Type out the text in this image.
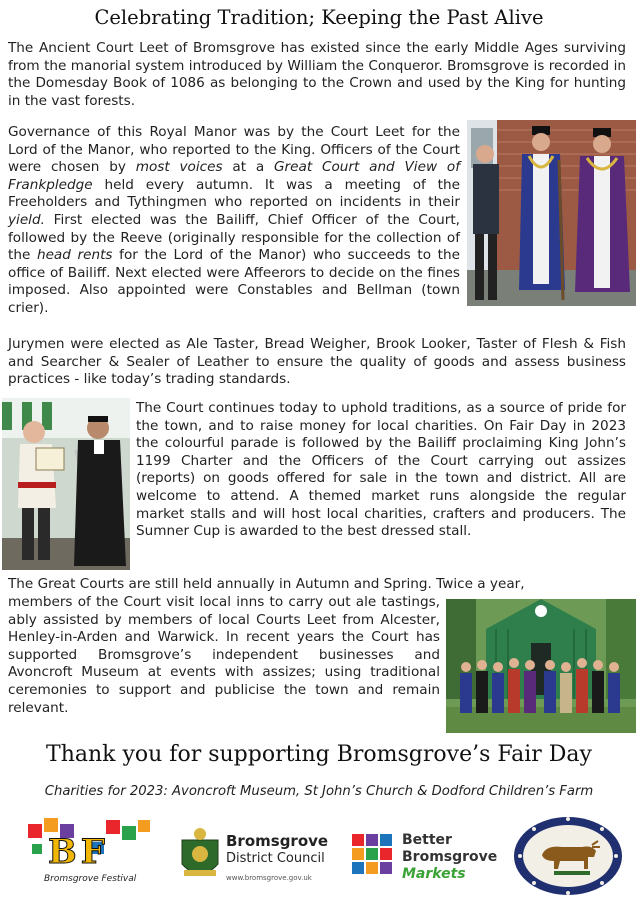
Celebrating Tradition; Keeping the Past Alive

The Ancient Court Leet of Bromsgrove has existed since the early Middle Ages surviving from the manorial system introduced by William the Conqueror. Bromsgrove is recorded in the Domesday Book of 1086 as belonging to the Crown and used by the King for hunting in the vast forests.

Governance of this Royal Manor was by the Court Leet for the Lord of the Manor, who reported to the King. Officers of the Court were chosen by most voices at a Great Court and View of Frankpledge held every autumn. It was a meeting of the Freeholders and Tythingmen who reported on incidents in their yield. First elected was the Bailiff, Chief Officer of the Court, followed by the Reeve (originally responsible for the collection of the head rents for the Lord of the Manor) who succeeds to the office of Bailiff. Next elected were Affeerors to decide on the fines imposed. Also appointed were Constables and Bellman (town crier).

Jurymen were elected as Ale Taster, Bread Weigher, Brook Looker, Taster of Flesh & Fish and Searcher & Sealer of Leather to ensure the quality of goods and assess business practices - like today’s trading standards.

The Court continues today to uphold traditions, as a source of pride for the town, and to raise money for local charities. On Fair Day in 2023 the colourful parade is followed by the Bailiff proclaiming King John’s 1199 Charter and the Officers of the Court carrying out assizes (reports) on goods offered for sale in the town and district. All are welcome to attend. A themed market runs alongside the regular market stalls and will host local charities, crafters and producers. The Sumner Cup is awarded to the best dressed stall.

The Great Courts are still held annually in Autumn and Spring. Twice a year,

members of the Court visit local inns to carry out ale tastings, ably assisted by members of local Courts Leet from Alcester, Henley-in-Arden and Warwick. In recent years the Court has supported Bromsgrove’s independent businesses and Avoncroft Museum at events with assizes; using traditional ceremonies to support and publicise the town and remain relevant.

Thank you for supporting Bromsgrove’s Fair Day
Charities for 2023: Avoncroft Museum, St John’s Church & Dodford Children’s Farm
BF
Bromsgrove Festival
Bromsgrove
District Council
www.bromsgrove.gov.uk
Better
Bromsgrove
Markets
